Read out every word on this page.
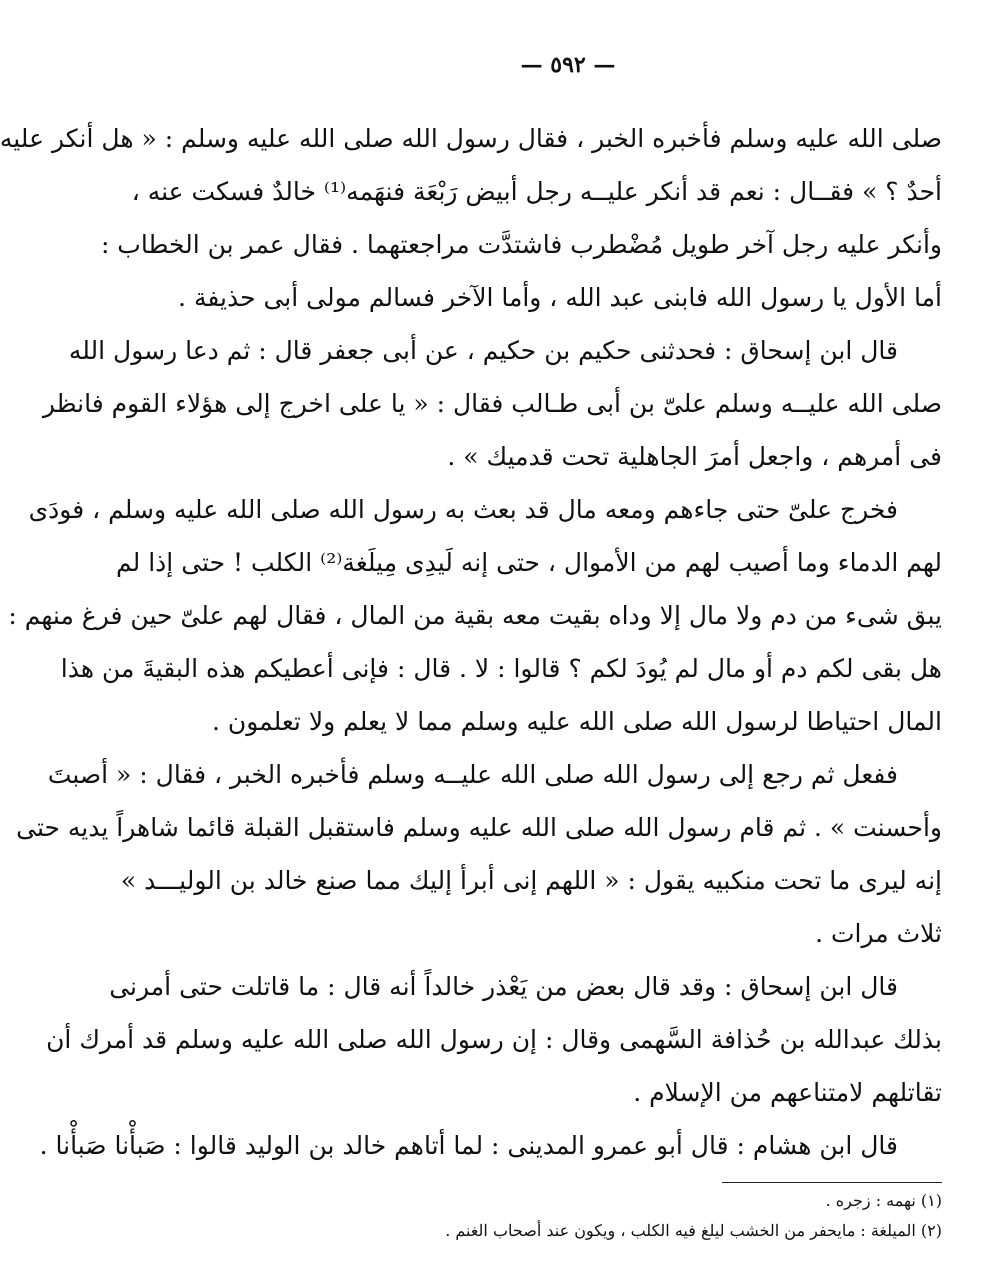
— ٥٩٢ —
صلى الله عليه وسلم فأخبره الخبر ، فقال رسول الله صلى الله عليه وسلم : « هل أنكر عليه
أحدٌ ؟ » فقــال : نعم قد أنكر عليــه رجل أبيض رَبْعَة فنهَمه⁽¹⁾ خالدٌ فسكت عنه ،
وأنكر عليه رجل آخر طويل مُضْطرب فاشتدَّت مراجعتهما . فقال عمر بن الخطاب :
أما الأول يا رسول الله فابنى عبد الله ، وأما الآخر فسالم مولى أبى حذيفة .
قال ابن إسحاق : فحدثنى حكيم بن حكيم ، عن أبى جعفر قال : ثم دعا رسول الله
صلى الله عليــه وسلم علىّ بن أبى طـالب فقال : « يا على اخرج إلى هؤلاء القوم فانظر
فى أمرهم ، واجعل أمرَ الجاهلية تحت قدميك » .
فخرج علىّ حتى جاءهم ومعه مال قد بعث به رسول الله صلى الله عليه وسلم ، فودَى
لهم الدماء وما أصيب لهم من الأموال ، حتى إنه لَيدِى مِيلَغة⁽²⁾ الكلب ! حتى إذا لم
يبق شىء من دم ولا مال إلا وداه بقيت معه بقية من المال ، فقال لهم علىّ حين فرغ منهم :
هل بقى لكم دم أو مال لم يُودَ لكم ؟ قالوا : لا . قال : فإنى أعطيكم هذه البقيةَ من هذا
المال احتياطا لرسول الله صلى الله عليه وسلم مما لا يعلم ولا تعلمون .
ففعل ثم رجع إلى رسول الله صلى الله عليــه وسلم فأخبره الخبر ، فقال : « أصبتَ
وأحسنت » . ثم قام رسول الله صلى الله عليه وسلم فاستقبل القبلة قائما شاهراً يديه حتى
إنه ليرى ما تحت منكبيه يقول : « اللهم إنى أبرأ إليك مما صنع خالد بن الوليـــد »
ثلاث مرات .
قال ابن إسحاق : وقد قال بعض من يَعْذر خالداً أنه قال : ما قاتلت حتى أمرنى
بذلك عبدالله بن حُذافة السَّهمى وقال : إن رسول الله صلى الله عليه وسلم قد أمرك أن
تقاتلهم لامتناعهم من الإسلام .
قال ابن هشام : قال أبو عمرو المدينى : لما أتاهم خالد بن الوليد قالوا : صَبأْنا صَبأْنا .
(١) نهمه : زجره .
(٢) الميلغة : مايحفر من الخشب ليلغ فيه الكلب ، ويكون عند أصحاب الغنم .
